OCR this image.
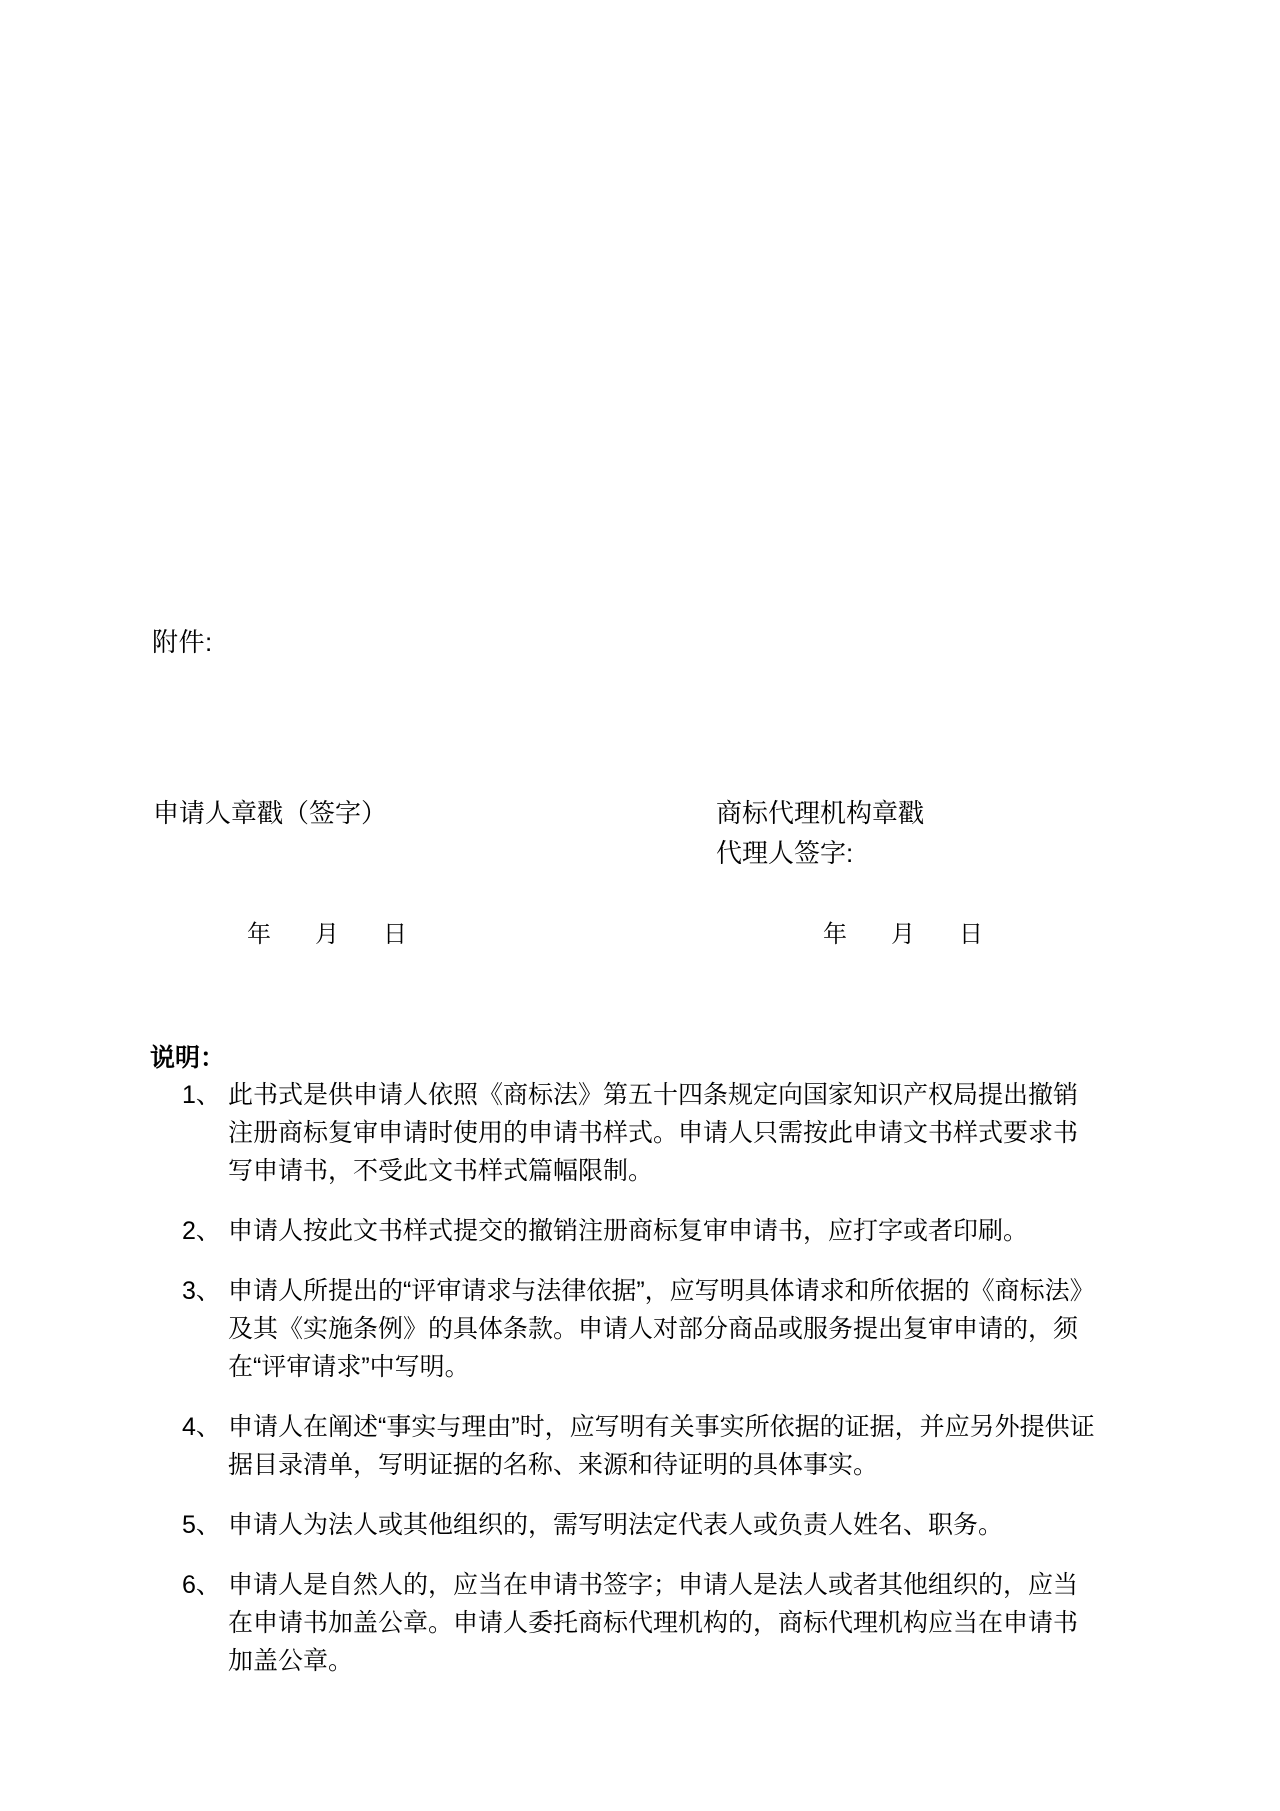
附件:
申请人章戳（签字）	商标代理机构章戳
代理人签字:
年　月　日	年　月　日
说明：
1、 此书式是供申请人依照《商标法》第五十四条规定向国家知识产权局提出撤销
注册商标复审申请时使用的申请书样式。申请人只需按此申请文书样式要求书
写申请书，不受此文书样式篇幅限制。
2、 申请人按此文书样式提交的撤销注册商标复审申请书，应打字或者印刷。
3、 申请人所提出的“评审请求与法律依据”，应写明具体请求和所依据的《商标法》
及其《实施条例》的具体条款。申请人对部分商品或服务提出复审申请的，须
在“评审请求”中写明。
4、 申请人在阐述“事实与理由”时，应写明有关事实所依据的证据，并应另外提供证
据目录清单，写明证据的名称、来源和待证明的具体事实。
5、 申请人为法人或其他组织的，需写明法定代表人或负责人姓名、职务。
6、 申请人是自然人的，应当在申请书签字；申请人是法人或者其他组织的，应当
在申请书加盖公章。申请人委托商标代理机构的，商标代理机构应当在申请书
加盖公章。
